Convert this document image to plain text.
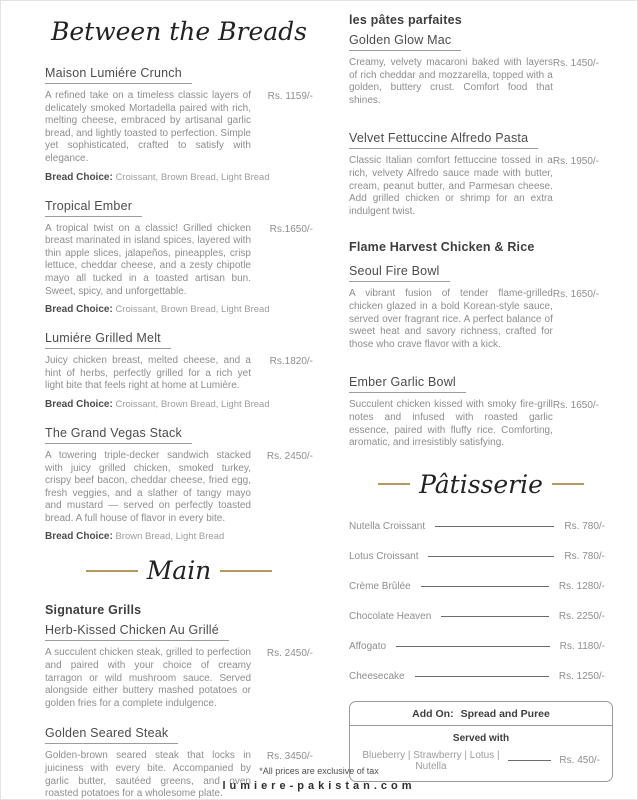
Between the Breads
Maison Lumiére Crunch

A refined take on a timeless classic layers of delicately smoked Mortadella paired with rich, melting cheese, embraced by artisanal garlic bread, and lightly toasted to perfection. Simple yet sophisticated, crafted to satisfy with elegance.

Rs. 1159/-

Bread Choice: Croissant, Brown Bread, Light Bread

Tropical Ember

A tropical twist on a classic! Grilled chicken breast marinated in island spices, layered with thin apple slices, jalapeños, pineapples, crisp lettuce, cheddar cheese, and a zesty chipotle mayo all tucked in a toasted artisan bun. Sweet, spicy, and unforgettable.

Rs.1650/-

Bread Choice: Croissant, Brown Bread, Light Bread

Lumiére Grilled Melt

Juicy chicken breast, melted cheese, and a hint of herbs, perfectly grilled for a rich yet light bite that feels right at home at Lumière.

Rs.1820/-

Bread Choice: Croissant, Brown Bread, Light Bread

The Grand Vegas Stack

A towering triple-decker sandwich stacked with juicy grilled chicken, smoked turkey, crispy beef bacon, cheddar cheese, fried egg, fresh veggies, and a slather of tangy mayo and mustard — served on perfectly toasted bread. A full house of flavor in every bite.

Rs. 2450/-

Bread Choice: Brown Bread, Light Bread

Main
Signature Grills
Herb-Kissed Chicken Au Grillé

A succulent chicken steak, grilled to perfection and paired with your choice of creamy tarragon or wild mushroom sauce. Served alongside either buttery mashed potatoes or golden fries for a complete indulgence.

Rs. 2450/-
Golden Seared Steak

Golden-brown seared steak that locks in juiciness with every bite. Accompanied by garlic butter, sautéed greens, and oven roasted potatoes for a wholesome plate.

Rs. 3450/-
les pâtes parfaites
Golden Glow Mac

Creamy, velvety macaroni baked with layers of rich cheddar and mozzarella, topped with a golden, buttery crust. Comfort food that shines.

Rs. 1450/-
Velvet Fettuccine Alfredo Pasta

Classic Italian comfort fettuccine tossed in a rich, velvety Alfredo sauce made with butter, cream, peanut butter, and Parmesan cheese. Add grilled chicken or shrimp for an extra indulgent twist.

Rs. 1950/-
Flame Harvest Chicken & Rice
Seoul Fire Bowl

A vibrant fusion of tender flame-grilled chicken glazed in a bold Korean-style sauce, served over fragrant rice. A perfect balance of sweet heat and savory richness, crafted for those who crave flavor with a kick.

Rs. 1650/-
Ember Garlic Bowl

Succulent chicken kissed with smoky fire-grill notes and infused with roasted garlic essence, paired with fluffy rice. Comforting, aromatic, and irresistibly satisfying.

Rs. 1650/-
Pâtisserie
Nutella Croissant	Rs. 780/-
Lotus Croissant	Rs. 780/-
Crème Brûlée	Rs. 1280/-
Chocolate Heaven	Rs. 2250/-
Affogato	Rs. 1180/-
Cheesecake	Rs. 1250/-
Add On: Spread and Puree
Served with
Blueberry | Strawberry | Lotus | Nutella	Rs. 450/-
*All prices are exclusive of tax
lumiere-pakistan.com
